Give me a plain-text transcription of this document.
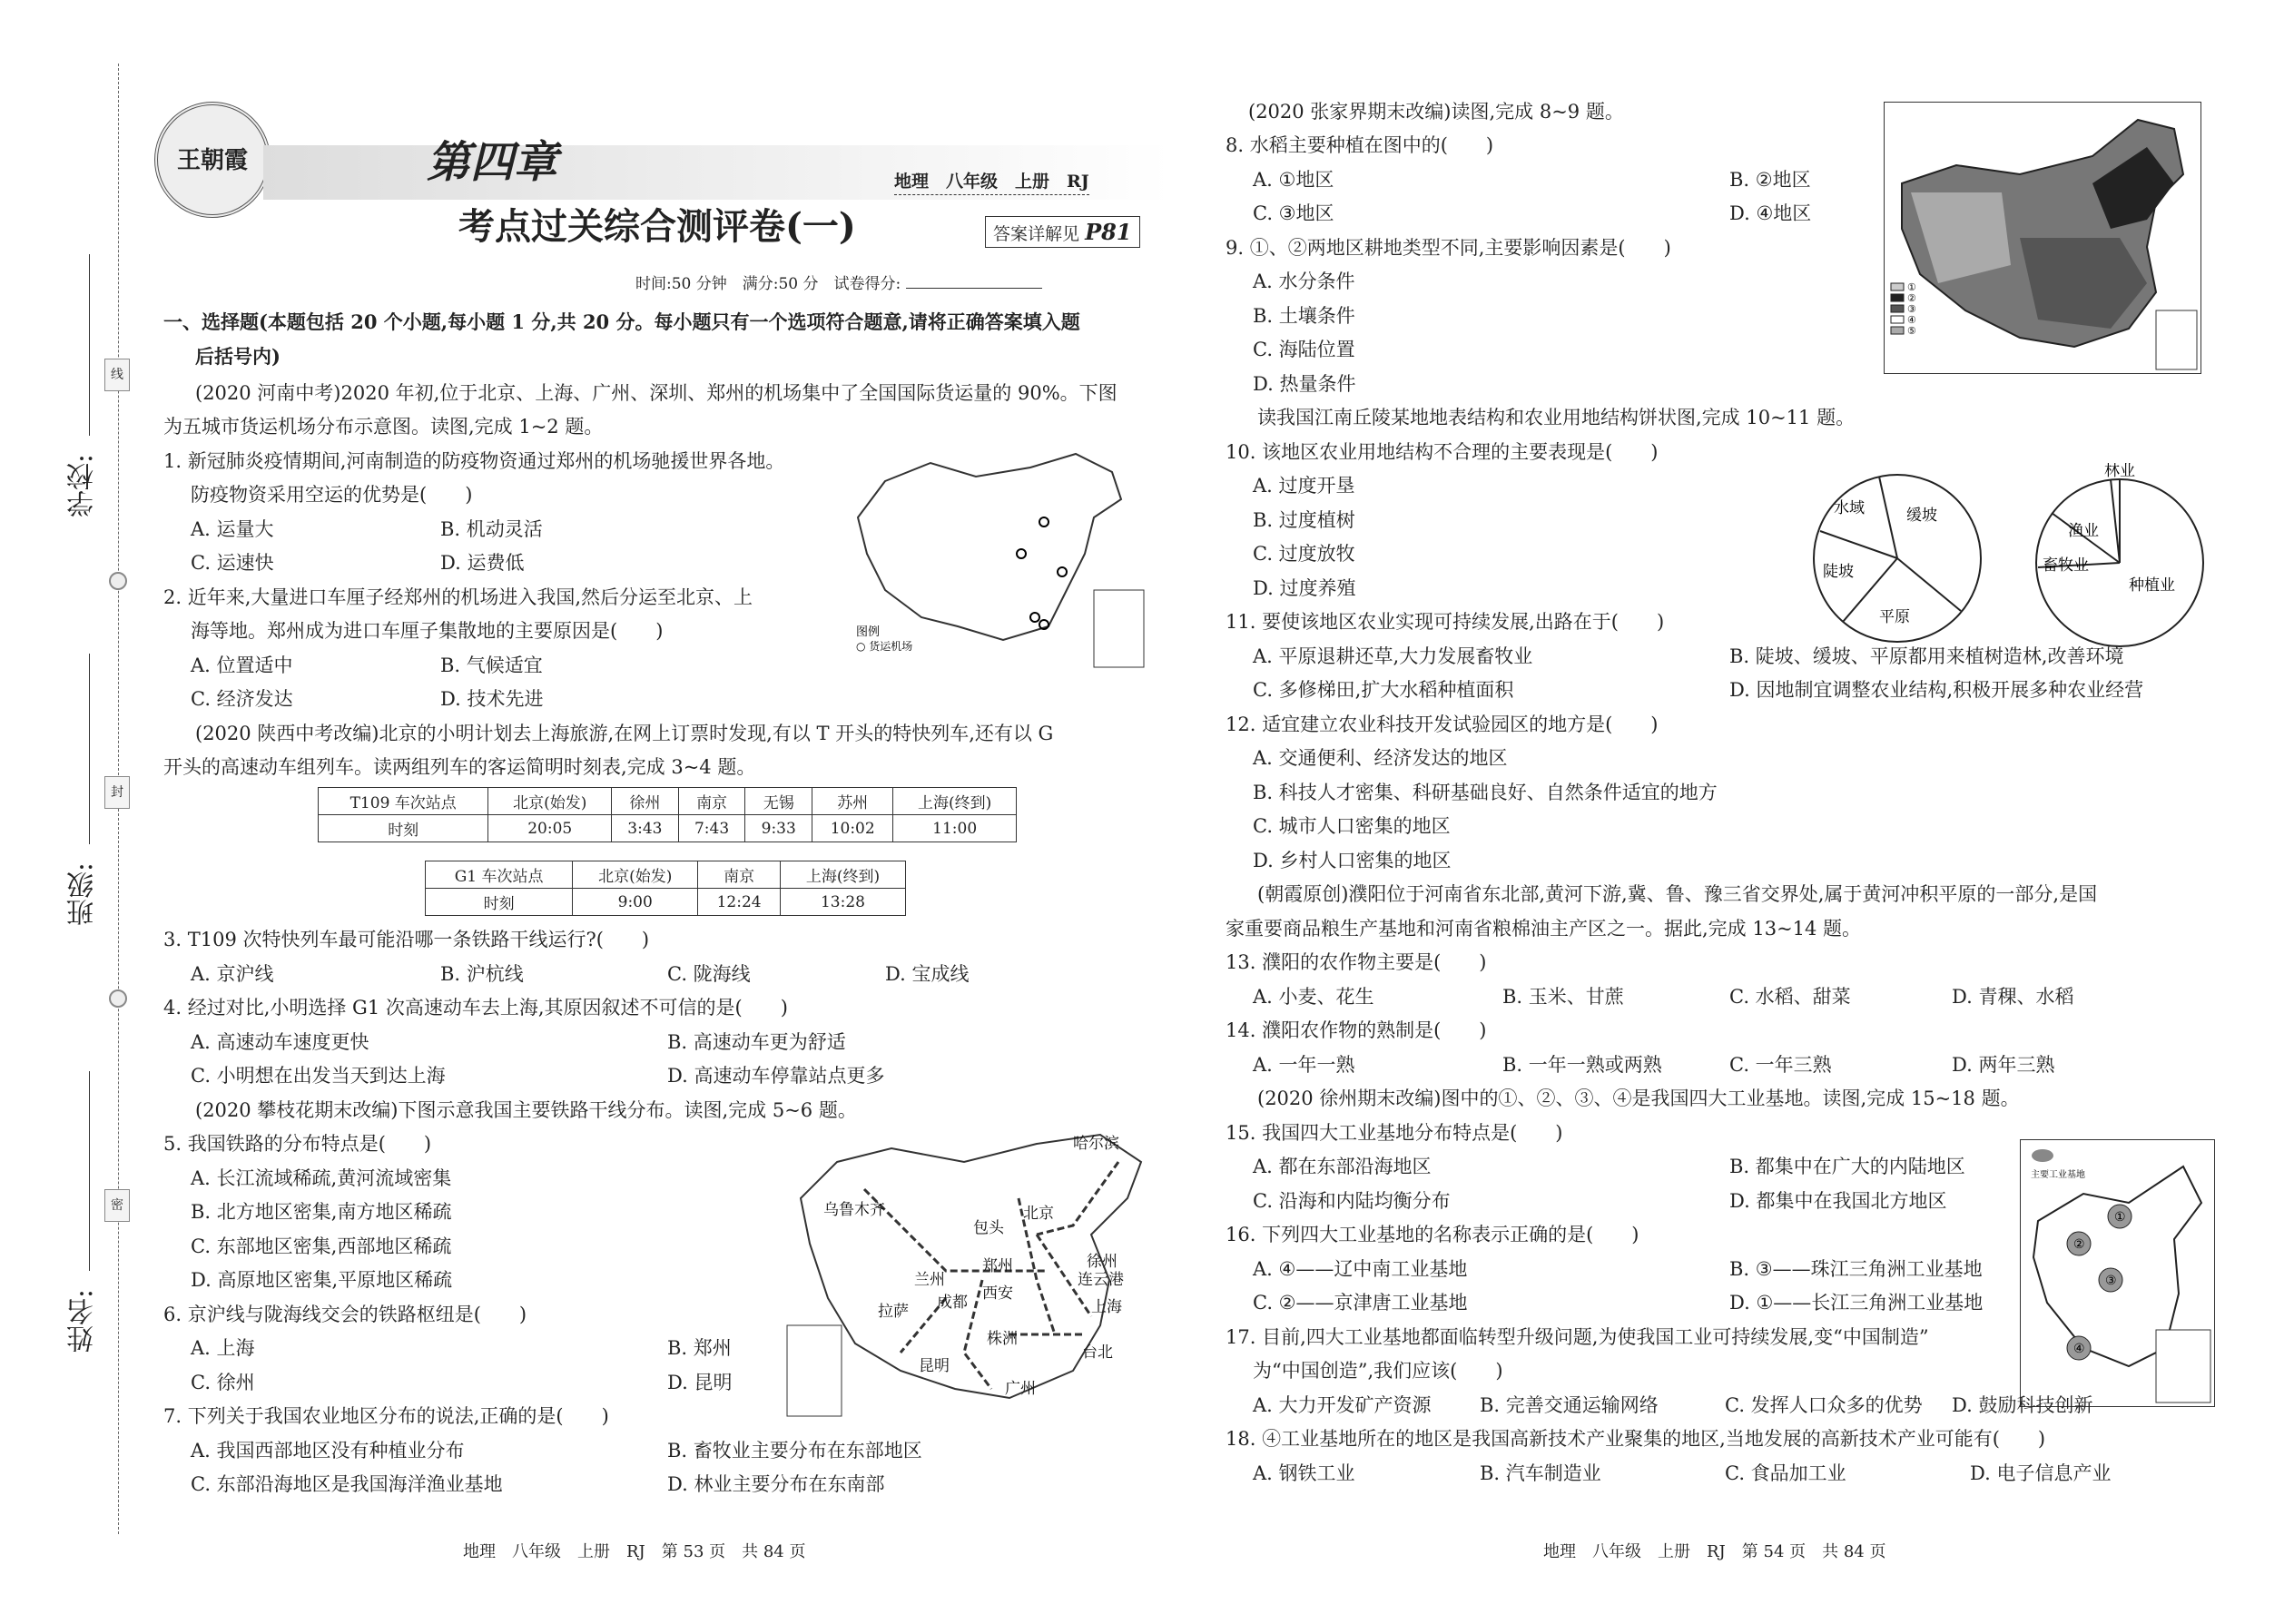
学校:
班级:
姓名:
线
封
密
王朝霞	第四章
考点过关综合测评卷(一)
地理　八年级　上册　RJ
答案详解见 P81
时间:50 分钟　满分:50 分　试卷得分:
一、选择题(本题包括 20 个小题,每小题 1 分,共 20 分。每小题只有一个选项符合题意,请将正确答案填入题
后括号内)
(2020 河南中考)2020 年初,位于北京、上海、广州、深圳、郑州的机场集中了全国国际货运量的 90%。下图
为五城市货运机场分布示意图。读图,完成 1~2 题。
1. 新冠肺炎疫情期间,河南制造的防疫物资通过郑州的机场驰援世界各地。
防疫物资采用空运的优势是(　　)
A. 运量大	B. 机动灵活
C. 运速快	D. 运费低
2. 近年来,大量进口车厘子经郑州的机场进入我国,然后分运至北京、上
海等地。郑州成为进口车厘子集散地的主要原因是(　　)
A. 位置适中	B. 气候适宜
C. 经济发达	D. 技术先进
图例
○ 货运机场
(2020 陕西中考改编)北京的小明计划去上海旅游,在网上订票时发现,有以 T 开头的特快列车,还有以 G
开头的高速动车组列车。读两组列车的客运简明时刻表,完成 3~4 题。
T109 车次站点	北京(始发)	徐州	南京	无锡	苏州	上海(终到)
时刻	20:05	3:43	7:43	9:33	10:02	11:00
G1 车次站点	北京(始发)	南京	上海(终到)
时刻	9:00	12:24	13:28
3. T109 次特快列车最可能沿哪一条铁路干线运行?(　　)
A. 京沪线	B. 沪杭线	C. 陇海线	D. 宝成线
4. 经过对比,小明选择 G1 次高速动车去上海,其原因叙述不可信的是(　　)
A. 高速动车速度更快	B. 高速动车更为舒适
C. 小明想在出发当天到达上海	D. 高速动车停靠站点更多
(2020 攀枝花期末改编)下图示意我国主要铁路干线分布。读图,完成 5~6 题。
5. 我国铁路的分布特点是(　　)
A. 长江流域稀疏,黄河流域密集
B. 北方地区密集,南方地区稀疏
C. 东部地区密集,西部地区稀疏
D. 高原地区密集,平原地区稀疏
6. 京沪线与陇海线交会的铁路枢纽是(　　)
A. 上海	B. 郑州
C. 徐州	D. 昆明
哈尔滨
乌鲁木齐	北京
包头
郑州
兰州
西安
徐州
连云港
上海
拉萨 成都
株洲
昆明
广州
台北
7. 下列关于我国农业地区分布的说法,正确的是(　　)
A. 我国西部地区没有种植业分布	B. 畜牧业主要分布在东部地区
C. 东部沿海地区是我国海洋渔业基地	D. 林业主要分布在东南部
地理　八年级　上册　RJ　第 53 页　共 84 页
(2020 张家界期末改编)读图,完成 8~9 题。
8. 水稻主要种植在图中的(　　)
A. ①地区	B. ②地区
C. ③地区	D. ④地区
9. ①、②两地区耕地类型不同,主要影响因素是(　　)
A. 水分条件
B. 土壤条件
C. 海陆位置
D. 热量条件
①
②
③
④
⑤
读我国江南丘陵某地地表结构和农业用地结构饼状图,完成 10~11 题。
10. 该地区农业用地结构不合理的主要表现是(　　)
A. 过度开垦
B. 过度植树
C. 过度放牧
D. 过度养殖
水域	缓坡
陡坡
平原
林业
渔业
畜牧业
种植业
11. 要使该地区农业实现可持续发展,出路在于(　　)
A. 平原退耕还草,大力发展畜牧业	B. 陡坡、缓坡、平原都用来植树造林,改善环境
C. 多修梯田,扩大水稻种植面积	D. 因地制宜调整农业结构,积极开展多种农业经营
12. 适宜建立农业科技开发试验园区的地方是(　　)
A. 交通便利、经济发达的地区
B. 科技人才密集、科研基础良好、自然条件适宜的地方
C. 城市人口密集的地区
D. 乡村人口密集的地区
(朝霞原创)濮阳位于河南省东北部,黄河下游,冀、鲁、豫三省交界处,属于黄河冲积平原的一部分,是国
家重要商品粮生产基地和河南省粮棉油主产区之一。据此,完成 13~14 题。
13. 濮阳的农作物主要是(　　)
A. 小麦、花生	B. 玉米、甘蔗	C. 水稻、甜菜	D. 青稞、水稻
14. 濮阳农作物的熟制是(　　)
A. 一年一熟	B. 一年一熟或两熟	C. 一年三熟	D. 两年三熟
(2020 徐州期末改编)图中的①、②、③、④是我国四大工业基地。读图,完成 15~18 题。
15. 我国四大工业基地分布特点是(　　)
A. 都在东部沿海地区	B. 都集中在广大的内陆地区
C. 沿海和内陆均衡分布	D. 都集中在我国北方地区
16. 下列四大工业基地的名称表示正确的是(　　)
A. ④——辽中南工业基地	B. ③——珠江三角洲工业基地
C. ②——京津唐工业基地	D. ①——长江三角洲工业基地
主要工业基地
①
②
③
④
17. 目前,四大工业基地都面临转型升级问题,为使我国工业可持续发展,变“中国制造”
为“中国创造”,我们应该(　　)
A. 大力开发矿产资源	B. 完善交通运输网络	C. 发挥人口众多的优势 D. 鼓励科技创新
18. ④工业基地所在的地区是我国高新技术产业聚集的地区,当地发展的高新技术产业可能有(　　)
A. 钢铁工业	B. 汽车制造业	C. 食品加工业	D. 电子信息产业
地理　八年级　上册　RJ　第 54 页　共 84 页
